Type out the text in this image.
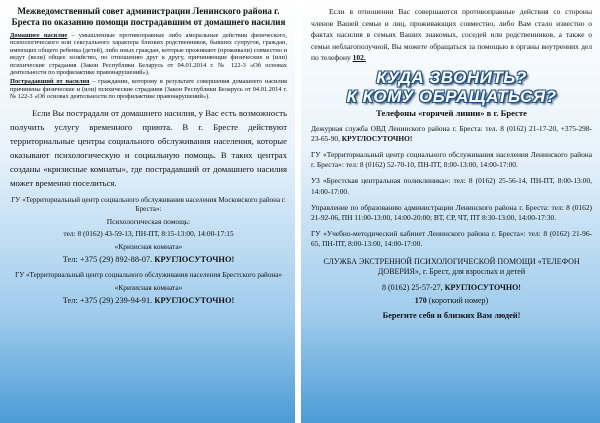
Межведомственный совет администрации Ленинского района г. Бреста по оказанию помощи пострадавшим от домашнего насилия

Домашнее насилие – умышленные противоправные либо аморальные действия физического, психологического или сексуального характера близких родственников, бывших супругов, граждан, имеющих общего ребенка (детей), либо иных граждан, которые проживают (проживали) совместно и ведут (вели) общее хозяйство, по отношению друг к другу, причиняющие физические и (или) психические страдания (Закон Республики Беларусь от 04.01.2014 г. № 122-3 «Об основах деятельности по профилактике правонарушений»).

Пострадавший от насилия – гражданин, которому в результате совершения домашнего насилия причинены физические и (или) психические страдания (Закон Республики Беларусь от 04.01.2014 г. № 122-3 «Об основах деятельности по профилактике правонарушений»).

Если Вы пострадали от домашнего насилия, у Вас есть возможность получить услугу временного приюта. В г. Бресте действуют территориальные центры социального обслуживания населения, которые оказывают психологическую и социальную помощь. В таких центрах созданы «кризисные комнаты», где пострадавший от домашнего насилия может временно поселиться.

ГУ «Территориальный центр социального обслуживания населения Московского района г. Бреста»:

Психологическая помощь:

тел: 8 (0162) 43-59-13, ПН-ПТ, 8:15-13:00, 14:00-17:15

«Кризисная комната»

Тел: +375 (29) 892-88-07. КРУГЛОСУТОЧНО!

ГУ «Территориальный центр социального обслуживания населения Брестского района»

«Кризисная комната»

Тел: +375 (29) 239-94-91. КРУГЛОСУТОЧНО!

Если в отношении Вас совершаются противоправные действия со стороны членов Вашей семьи и лиц, проживающих совместно, либо Вам стало известно о фактах насилия в семьях Ваших знакомых, соседей или родственников, а также о семьи неблагополучной, Вы можете обращаться за помощью в органы внутренних дел по телефону 102.

КУДА ЗВОНИТЬ?

К КОМУ ОБРАЩАТЬСЯ?

Телефоны «горячей линии» в г. Бресте

Дежурная служба ОВД Ленинского района г. Бреста: тел. 8 (0162) 21-17-20, +375-298-23-65-90, КРУГЛОСУТОЧНО!

ГУ «Территориальный центр социального обслуживания населения Ленинского района г. Бреста»: тел: 8 (0162) 52-70-10, ПН-ПТ, 8:00-13:00, 14:00-17:00.

УЗ «Брестская центральная поликлиника»: тел: 8 (0162) 25-56-14, ПН-ПТ, 8:00-13:00, 14:00-17:00.

Управление по образованию администрации Ленинского района г. Бреста: тел: 8 (0162) 21-92-06, ПН 11:00-13:00, 14:00-20:00; ВТ, СР, ЧТ, ПТ 8:30-13:00, 14:00-17:30.

ГУ «Учебно-методический кабинет Ленинского района г. Бреста»: тел: 8 (0162) 21-96-65, ПН-ПТ, 8:00-13:00, 14:00-17:00.

СЛУЖБА ЭКСТРЕННОЙ ПСИХОЛОГИЧЕСКОЙ ПОМОЩИ «ТЕЛЕФОН ДОВЕРИЯ», г. Брест, для взрослых и детей

8 (0162) 25-57-27, КРУГЛОСУТОЧНО!

170 (короткий номер)

Берегите себя и близких Вам людей!
